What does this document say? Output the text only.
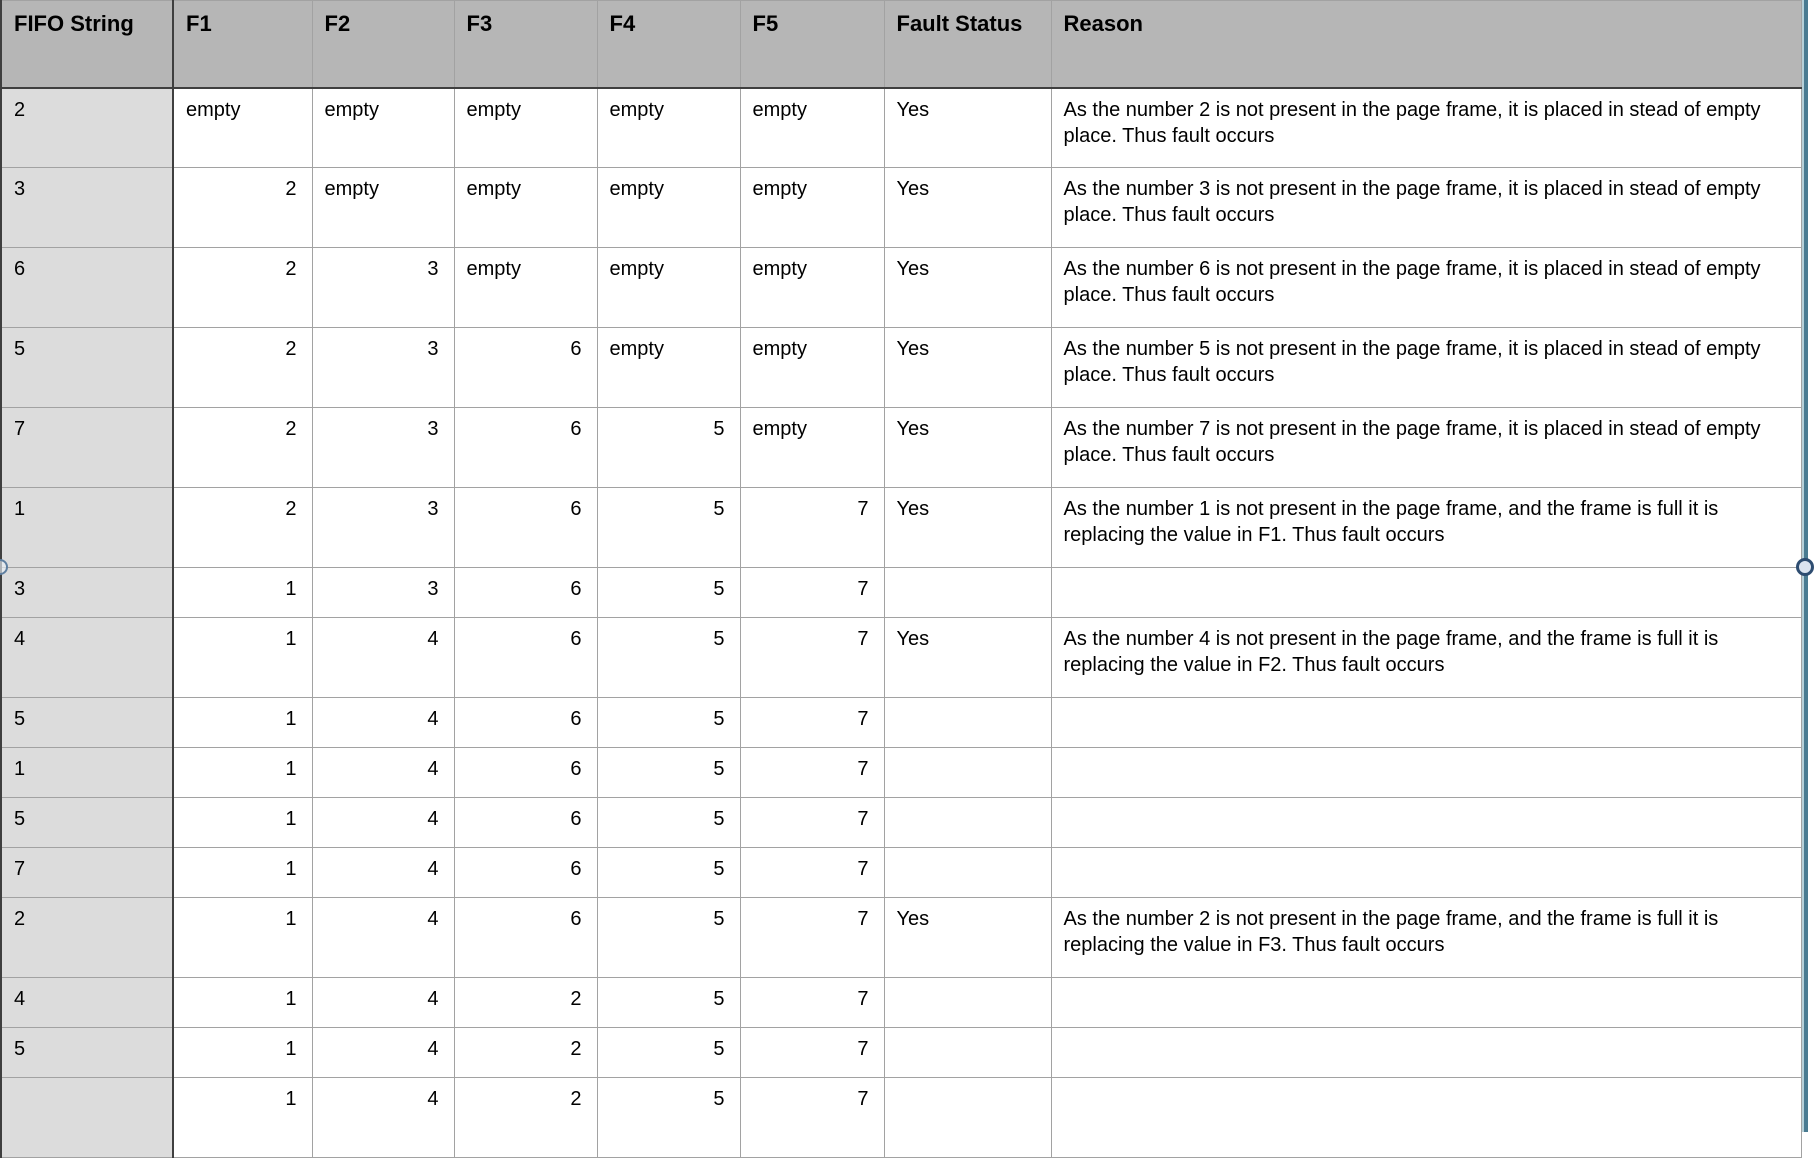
FIFO String	F1	F2	F3	F4	F5	Fault Status	Reason
2	empty	empty	empty	empty	empty	Yes	As the number 2 is not present in the page frame, it is placed in stead of empty place. Thus fault occurs
3	2	empty	empty	empty	empty	Yes	As the number 3 is not present in the page frame, it is placed in stead of empty place. Thus fault occurs
6	2	3	empty	empty	empty	Yes	As the number 6 is not present in the page frame, it is placed in stead of empty place. Thus fault occurs
5	2	3	6	empty	empty	Yes	As the number 5 is not present in the page frame, it is placed in stead of empty place. Thus fault occurs
7	2	3	6	5	empty	Yes	As the number 7 is not present in the page frame, it is placed in stead of empty place. Thus fault occurs
1	2	3	6	5	7	Yes	As the number 1 is not present in the page frame, and the frame is full it is replacing the value in F1. Thus fault occurs
3	1	3	6	5	7		
4	1	4	6	5	7	Yes	As the number 4 is not present in the page frame, and the frame is full it is replacing the value in F2. Thus fault occurs
5	1	4	6	5	7		
1	1	4	6	5	7		
5	1	4	6	5	7		
7	1	4	6	5	7		
2	1	4	6	5	7	Yes	As the number 2 is not present in the page frame, and the frame is full it is replacing the value in F3. Thus fault occurs
4	1	4	2	5	7		
5	1	4	2	5	7		
	1	4	2	5	7		
